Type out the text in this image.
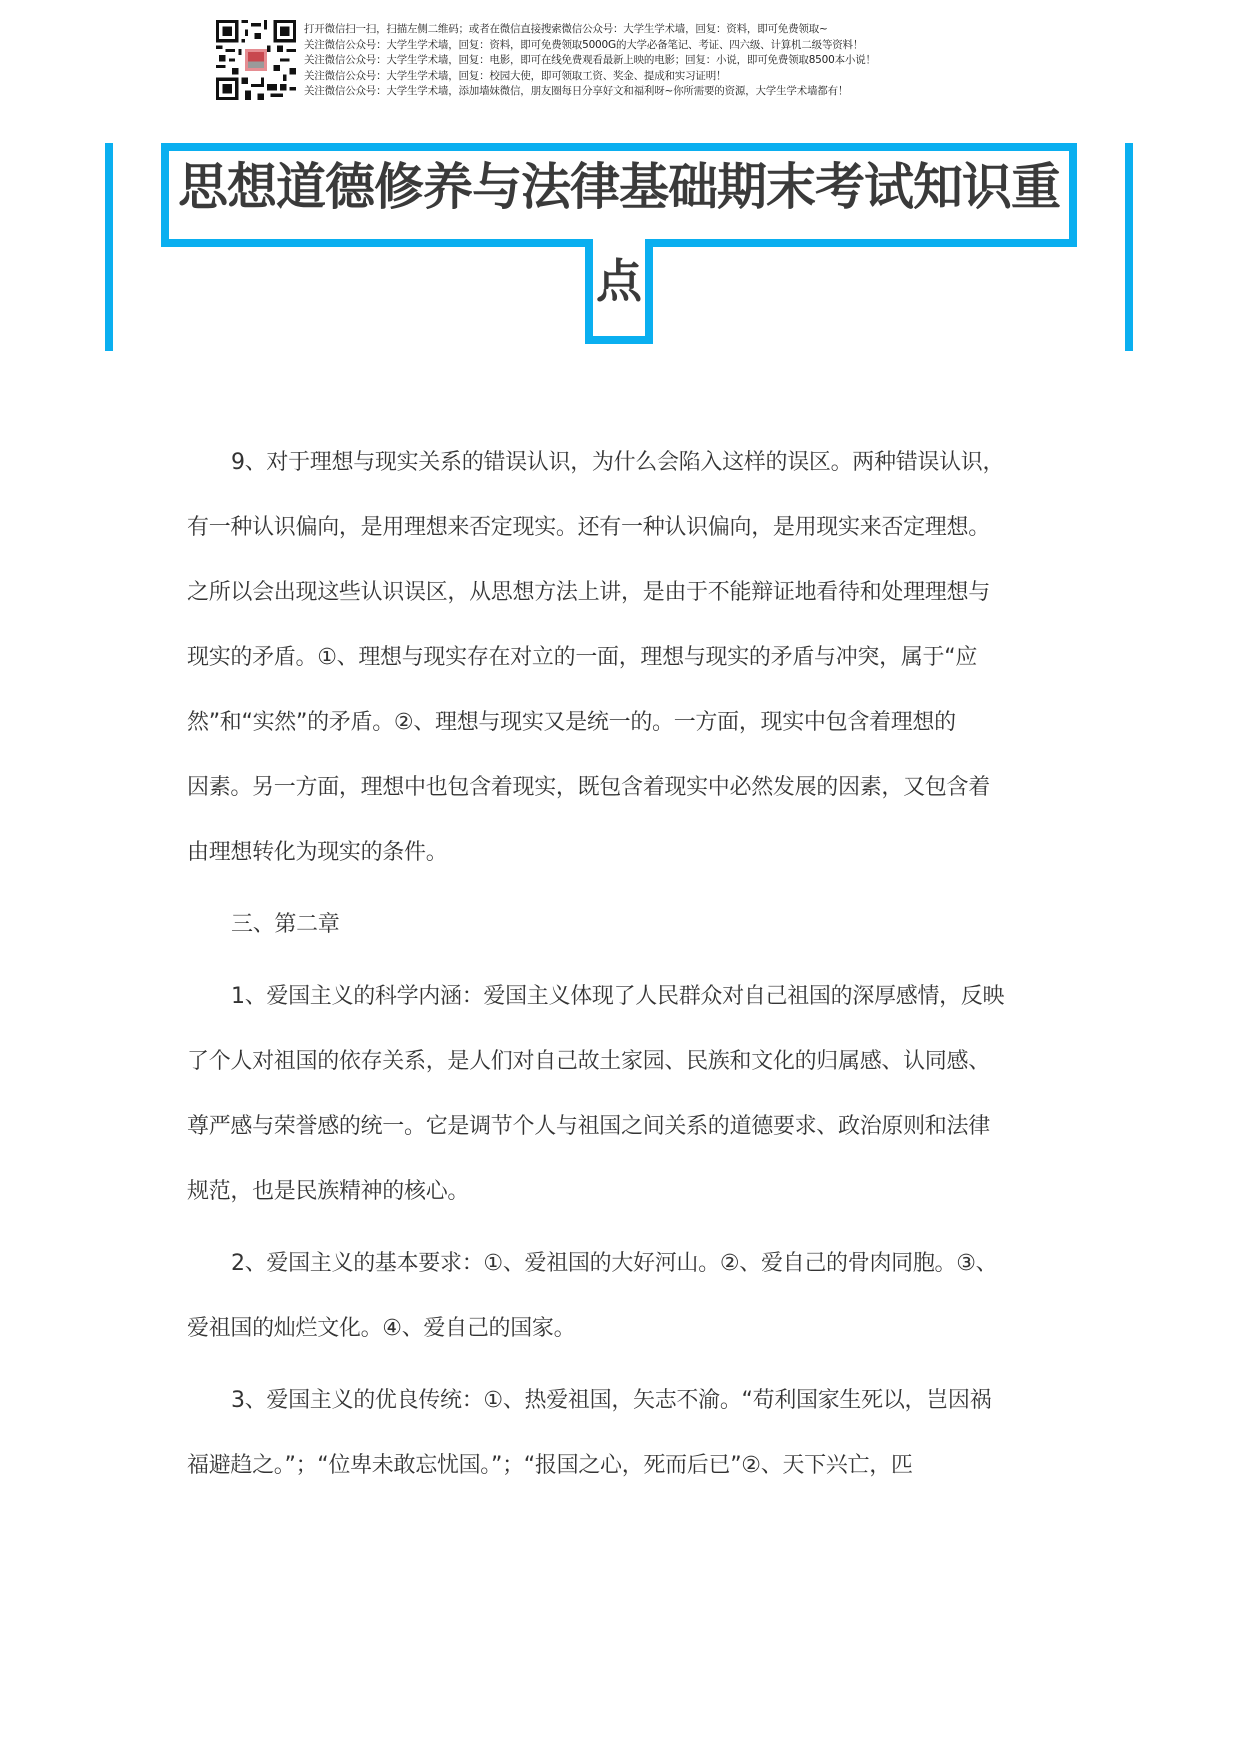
打开微信扫一扫，扫描左侧二维码；或者在微信直接搜索微信公众号：大学生学术墙，回复：资料，即可免费领取~
关注微信公众号：大学生学术墙，回复：资料，即可免费领取5000G的大学必备笔记、考证、四六级、计算机二级等资料！
关注微信公众号：大学生学术墙，回复：电影，即可在线免费观看最新上映的电影；回复：小说，即可免费领取8500本小说！
关注微信公众号：大学生学术墙，回复：校园大使，即可领取工资、奖金、提成和实习证明！
关注微信公众号：大学生学术墙，添加墙妹微信，朋友圈每日分享好文和福利呀~你所需要的资源，大学生学术墙都有！
思想道德修养与法律基础期末考试知识重
点
9、对于理想与现实关系的错误认识，为什么会陷入这样的误区。两种错误认识，
有一种认识偏向，是用理想来否定现实。还有一种认识偏向，是用现实来否定理想。
之所以会出现这些认识误区，从思想方法上讲，是由于不能辩证地看待和处理理想与
现实的矛盾。①、理想与现实存在对立的一面，理想与现实的矛盾与冲突，属于“应
然”和“实然”的矛盾。②、理想与现实又是统一的。一方面，现实中包含着理想的
因素。另一方面，理想中也包含着现实，既包含着现实中必然发展的因素，又包含着
由理想转化为现实的条件。
三、第二章
1、爱国主义的科学内涵：爱国主义体现了人民群众对自己祖国的深厚感情，反映
了个人对祖国的依存关系，是人们对自己故土家园、民族和文化的归属感、认同感、
尊严感与荣誉感的统一。它是调节个人与祖国之间关系的道德要求、政治原则和法律
规范，也是民族精神的核心。
2、爱国主义的基本要求：①、爱祖国的大好河山。②、爱自己的骨肉同胞。③、
爱祖国的灿烂文化。④、爱自己的国家。
3、爱国主义的优良传统：①、热爱祖国，矢志不渝。“苟利国家生死以，岂因祸
福避趋之。”；“位卑未敢忘忧国。”；“报国之心，死而后已”②、天下兴亡，匹
